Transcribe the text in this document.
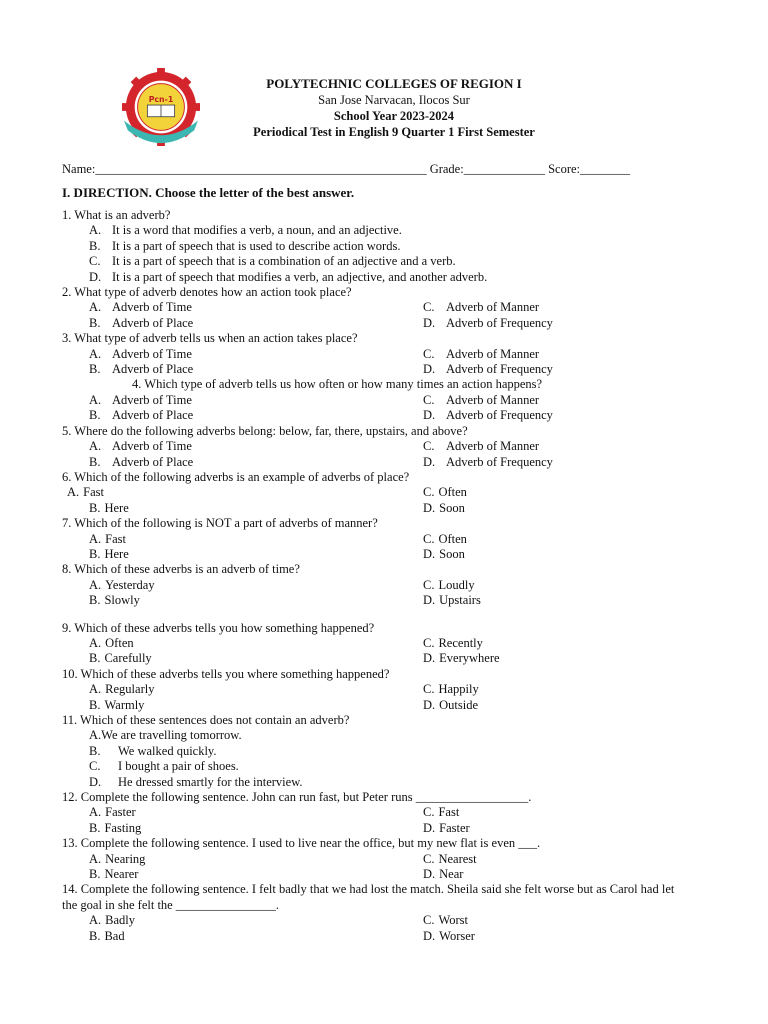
Pcn-1
POLYTECHNIC COLLEGES OF REGION I
San Jose Narvacan, Ilocos Sur
School Year 2023-2024
Periodical Test in English 9 Quarter 1 First Semester
Name:_____________________________________________________ Grade:_____________ Score:________
I. DIRECTION. Choose the letter of the best answer.
1. What is an adverb?
A. It is a word that modifies a verb, a noun, and an adjective.
B. It is a part of speech that is used to describe action words.
C. It is a part of speech that is a combination of an adjective and a verb.
D. It is a part of speech that modifies a verb, an adjective, and another adverb.
2. What type of adverb denotes how an action took place?
A. Adverb of Time	C. Adverb of Manner
B. Adverb of Place	D. Adverb of Frequency
3. What type of adverb tells us when an action takes place?
A. Adverb of Time	C. Adverb of Manner
B. Adverb of Place	D. Adverb of Frequency
4. Which type of adverb tells us how often or how many times an action happens?
A. Adverb of Time	C. Adverb of Manner
B. Adverb of Place	D. Adverb of Frequency
5. Where do the following adverbs belong: below, far, there, upstairs, and above?
A. Adverb of Time	C. Adverb of Manner
B. Adverb of Place	D. Adverb of Frequency
6. Which of the following adverbs is an example of adverbs of place?
A. Fast	C. Often
B. Here	D. Soon
7. Which of the following is NOT a part of adverbs of manner?
A. Fast	C. Often
B. Here	D. Soon
8. Which of these adverbs is an adverb of time?
A. Yesterday	C. Loudly
B. Slowly	D. Upstairs
9. Which of these adverbs tells you how something happened?
A. Often	C. Recently
B. Carefully	D. Everywhere
10. Which of these adverbs tells you where something happened?
A. Regularly	C. Happily
B. Warmly	D. Outside
11. Which of these sentences does not contain an adverb?
A. We are travelling tomorrow.
B.	We walked quickly.
C.	I bought a pair of shoes.
D.	He dressed smartly for the interview.
12. Complete the following sentence. John can run fast, but Peter runs __________________.
A. Faster	C. Fast
B. Fasting	D. Faster
13. Complete the following sentence. I used to live near the office, but my new flat is even ___.
A. Nearing	C. Nearest
B. Nearer	D. Near
14. Complete the following sentence. I felt badly that we had lost the match. Sheila said she felt worse but as Carol had let the goal in she felt the ________________.
A. Badly	C. Worst
B. Bad	D. Worser
